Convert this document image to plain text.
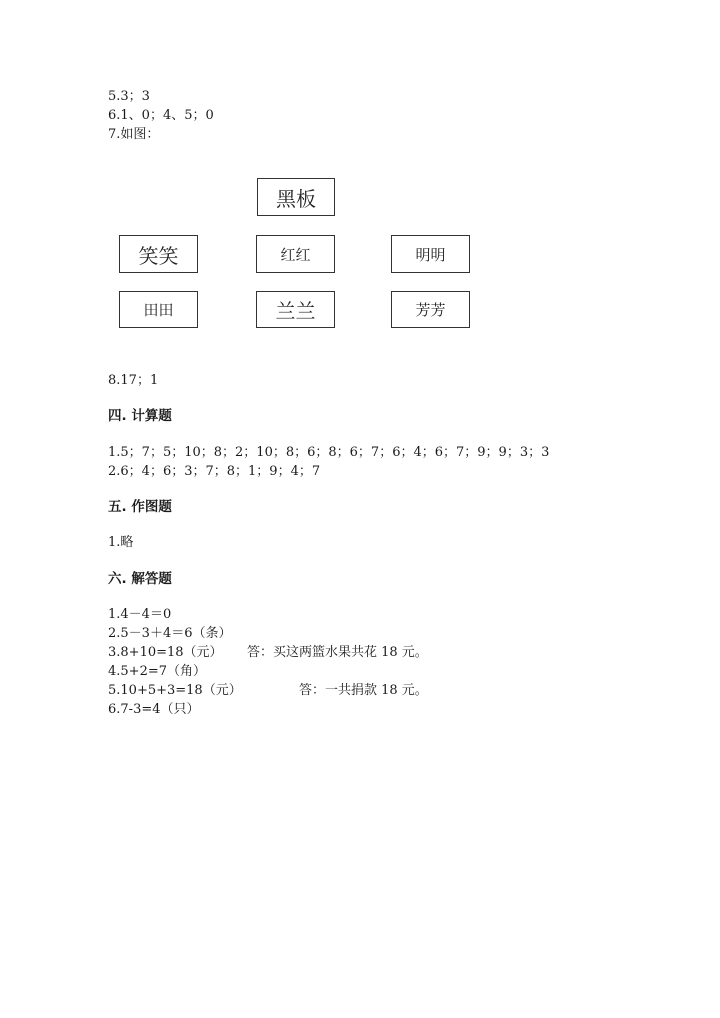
5.3；3
6.1、0；4、5；0
7.如图：
黑板
笑笑	红红	明明
田田	兰兰	芳芳
8.17；1
四. 计算题
1.5；7；5；10；8；2；10；8；6；8；6；7；6；4；6；7；9；9；3；3
2.6；4；6；3；7；8；1；9；4；7
五. 作图题
1.略
六. 解答题
1.4－4＝0
2.5－3＋4＝6（条）
3.8+10=18（元） 答：买这两篮水果共花 18 元。
4.5+2=7（角）
5.10+5+3=18（元）	答：一共捐款 18 元。
6.7-3=4（只）
